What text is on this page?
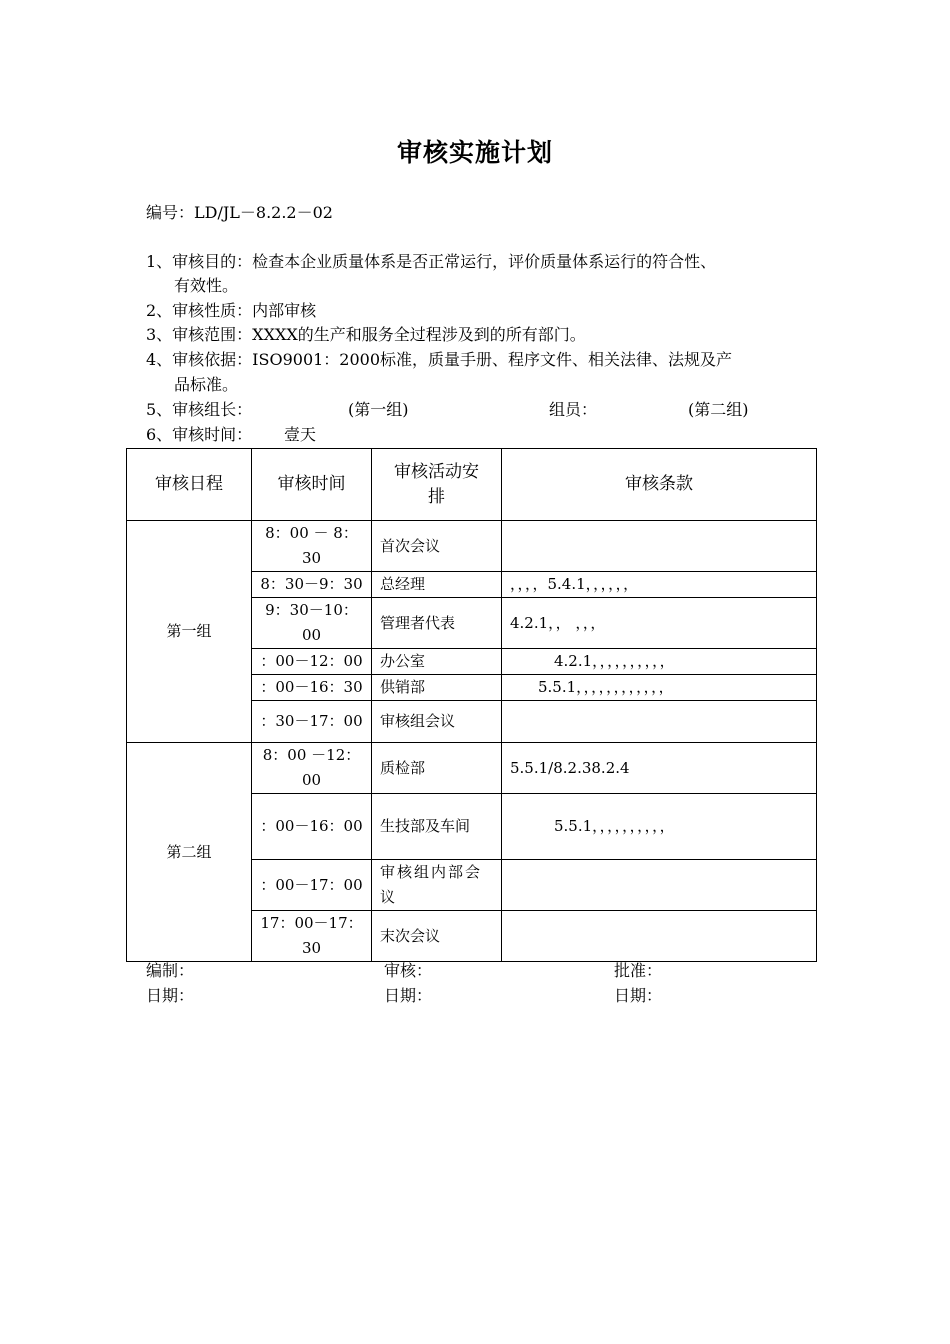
审核实施计划
编号：LD/JL－8.2.2－02
1、审核目的：检查本企业质量体系是否正常运行，评价质量体系运行的符合性、
有效性。
2、审核性质：内部审核
3、审核范围：XXXX的生产和服务全过程涉及到的所有部门。
4、审核依据：ISO9001：2000标准，质量手册、程序文件、相关法律、法规及产
品标准。
5、审核组长：	(第一组)	组员：	(第二组)
6、审核时间： 壹天
审核日程	审核时间	审核活动安排	审核条款
第一组	8：00 － 8：30	首次会议	
	8：30－9：30	总经理	，，，，5.4.1，，，，，，
	9：30－10：00	管理者代表	4.2.1，， ，，，
	：00－12：00	办公室	4.2.1，，，，，，，，，，
	：00－16：30	供销部	5.5.1，，，，，，，，，，，，
	：30－17：00	审核组会议	
第二组	8：00 －12：00	质检部	5.5.1/8.2.38.2.4
	：00－16：00	生技部及车间	5.5.1，，，，，，，，，，
	：00－17：00	审核组内部会议	
	17：00－17：30	末次会议	
编制：	审核：	批准：
日期：	日期：	日期：
